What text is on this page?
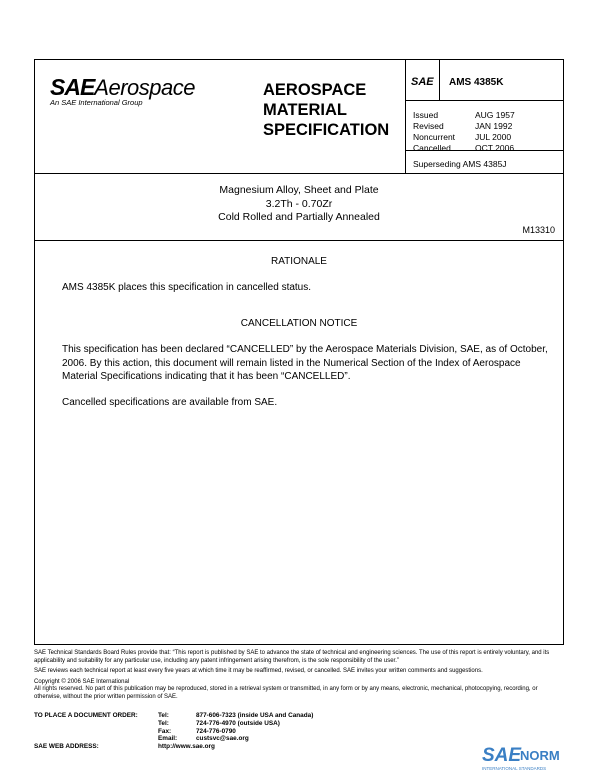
SAEAerospace
An SAE International Group
AEROSPACE
MATERIAL
SPECIFICATION
SAE AMS 4385K
Issued	AUG 1957
Revised	JAN 1992
Noncurrent	JUL 2000
Cancelled	OCT 2006
Superseding AMS 4385J
Magnesium Alloy, Sheet and Plate
3.2Th - 0.70Zr
Cold Rolled and Partially Annealed
M13310
RATIONALE
AMS 4385K places this specification in cancelled status.
CANCELLATION NOTICE
This specification has been declared “CANCELLED” by the Aerospace Materials Division, SAE, as of October, 2006. By this action, this document will remain listed in the Numerical Section of the Index of Aerospace Material Specifications indicating that it has been “CANCELLED”.
Cancelled specifications are available from SAE.

SAE Technical Standards Board Rules provide that: “This report is published by SAE to advance the state of technical and engineering sciences. The use of this report is entirely voluntary, and its applicability and suitability for any particular use, including any patent infringement arising therefrom, is the sole responsibility of the user.”

SAE reviews each technical report at least every five years at which time it may be reaffirmed, revised, or cancelled. SAE invites your written comments and suggestions.

Copyright © 2006 SAE International

All rights reserved. No part of this publication may be reproduced, stored in a retrieval system or transmitted, in any form or by any means, electronic, mechanical, photocopying, recording, or otherwise, without the prior written permission of SAE.

TO PLACE A DOCUMENT ORDER:	Tel:	877-606-7323 (inside USA and Canada)
Tel:	724-776-4970 (outside USA)
Fax:	724-776-0790
Email:	custsvc@sae.org
SAE WEB ADDRESS:	http://www.sae.org	SAE
NORM
INTERNATIONAL STANDARDS
